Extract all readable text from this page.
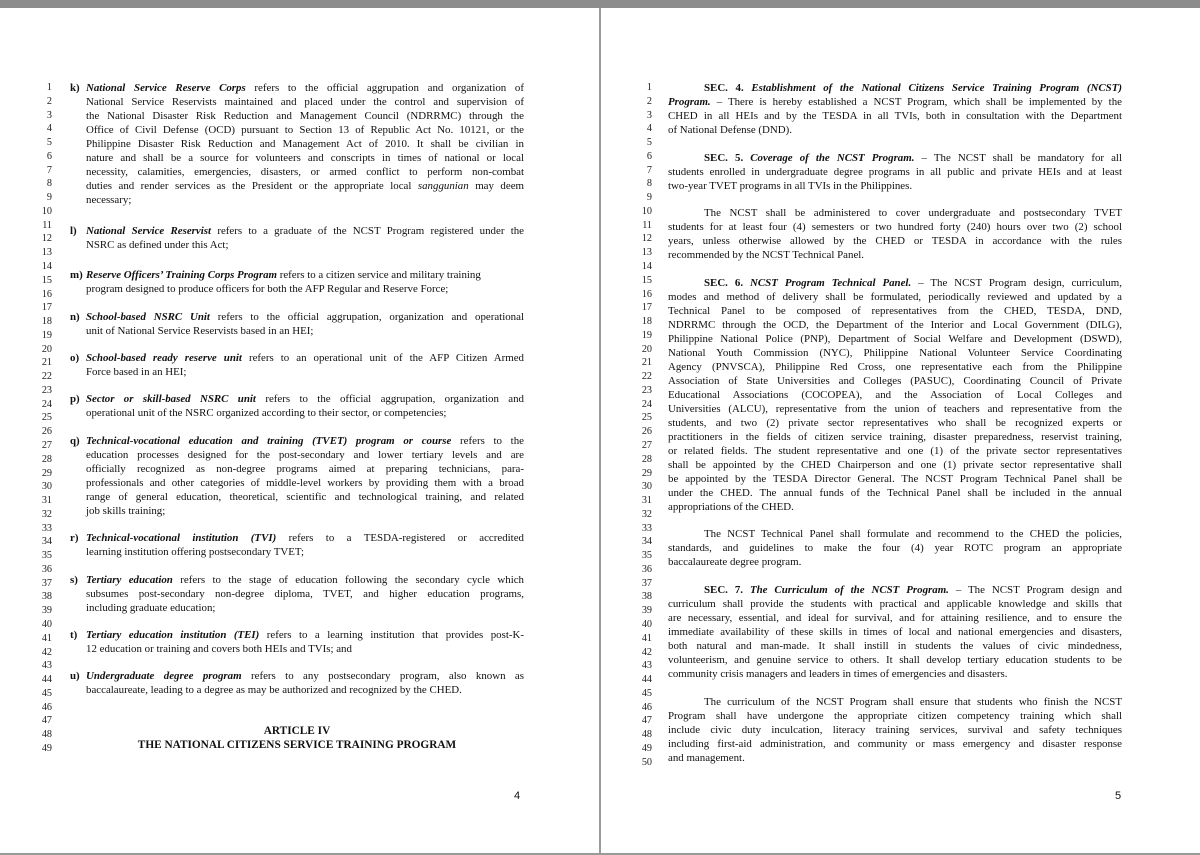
1
2
3
4
5
6
7
8
9
10
11
12
13
14
15
16
17
18
19
20
21
22
23
24
25
26
27
28
29
30
31
32
33
34
35
36
37
38
39
40
41
42
43
44
45
46
47
48
49
k) National Service Reserve Corps refers to the official aggrupation and organization of
National Service Reservists maintained and placed under the control and supervision of
the National Disaster Risk Reduction and Management Council (NDRRMC) through the
Office of Civil Defense (OCD) pursuant to Section 13 of Republic Act No. 10121, or the
Philippine Disaster Risk Reduction and Management Act of 2010. It shall be civilian in
nature and shall be a source for volunteers and conscripts in times of national or local
necessity, calamities, emergencies, disasters, or armed conflict to perform non-combat
duties and render services as the President or the appropriate local sanggunian may deem
necessary;
l) National Service Reservist refers to a graduate of the NCST Program registered under the
NSRC as defined under this Act;
m) Reserve Officers’ Training Corps Program refers to a citizen service and military training
program designed to produce officers for both the AFP Regular and Reserve Force;
n) School-based NSRC Unit refers to the official aggrupation, organization and operational
unit of National Service Reservists based in an HEI;
o) School-based ready reserve unit refers to an operational unit of the AFP Citizen Armed
Force based in an HEI;
p) Sector or skill-based NSRC unit refers to the official aggrupation, organization and
operational unit of the NSRC organized according to their sector, or competencies;
q) Technical-vocational education and training (TVET) program or course refers to the
education processes designed for the post-secondary and lower tertiary levels and are
officially recognized as non-degree programs aimed at preparing technicians, para-
professionals and other categories of middle-level workers by providing them with a broad
range of general education, theoretical, scientific and technological training, and related
job skills training;
r) Technical-vocational institution (TVI) refers to a TESDA-registered or accredited
learning institution offering postsecondary TVET;
s) Tertiary education refers to the stage of education following the secondary cycle which
subsumes post-secondary non-degree diploma, TVET, and higher education programs,
including graduate education;
t) Tertiary education institution (TEI) refers to a learning institution that provides post-K-
12 education or training and covers both HEIs and TVIs; and
u) Undergraduate degree program refers to any postsecondary program, also known as
baccalaureate, leading to a degree as may be authorized and recognized by the CHED.
ARTICLE IV
THE NATIONAL CITIZENS SERVICE TRAINING PROGRAM
4
1
2
3
4
5
6
7
8
9
10
11
12
13
14
15
16
17
18
19
20
21
22
23
24
25
26
27
28
29
30
31
32
33
34
35
36
37
38
39
40
41
42
43
44
45
46
47
48
49
50
SEC. 4. Establishment of the National Citizens Service Training Program (NCST)
Program. – There is hereby established a NCST Program, which shall be implemented by the
CHED in all HEIs and by the TESDA in all TVIs, both in consultation with the Department
of National Defense (DND).
SEC. 5. Coverage of the NCST Program. – The NCST shall be mandatory for all
students enrolled in undergraduate degree programs in all public and private HEIs and at least
two-year TVET programs in all TVIs in the Philippines.
The NCST shall be administered to cover undergraduate and postsecondary TVET
students for at least four (4) semesters or two hundred forty (240) hours over two (2) school
years, unless otherwise allowed by the CHED or TESDA in accordance with the rules
recommended by the NCST Technical Panel.
SEC. 6. NCST Program Technical Panel. – The NCST Program design, curriculum,
modes and method of delivery shall be formulated, periodically reviewed and updated by a
Technical Panel to be composed of representatives from the CHED, TESDA, DND,
NDRRMC through the OCD, the Department of the Interior and Local Government (DILG),
Philippine National Police (PNP), Department of Social Welfare and Development (DSWD),
National Youth Commission (NYC), Philippine National Volunteer Service Coordinating
Agency (PNVSCA), Philippine Red Cross, one representative each from the Philippine
Association of State Universities and Colleges (PASUC), Coordinating Council of Private
Educational Associations (COCOPEA), and the Association of Local Colleges and
Universities (ALCU), representative from the union of teachers and representative from the
students, and two (2) private sector representatives who shall be recognized experts or
practitioners in the fields of citizen service training, disaster preparedness, reservist training,
or related fields. The student representative and one (1) of the private sector representatives
shall be appointed by the CHED Chairperson and one (1) private sector representative shall
be appointed by the TESDA Director General. The NCST Program Technical Panel shall be
under the CHED. The annual funds of the Technical Panel shall be included in the annual
appropriations of the CHED.
The NCST Technical Panel shall formulate and recommend to the CHED the policies,
standards, and guidelines to make the four (4) year ROTC program an appropriate
baccalaureate degree program.
SEC. 7. The Curriculum of the NCST Program. – The NCST Program design and
curriculum shall provide the students with practical and applicable knowledge and skills that
are necessary, essential, and ideal for survival, and for attaining resilience, and to ensure the
immediate availability of these skills in times of local and national emergencies and disasters,
both natural and man-made. It shall instill in students the values of civic mindedness,
volunteerism, and genuine service to others. It shall develop tertiary education students to be
community crisis managers and leaders in times of emergencies and disasters.
The curriculum of the NCST Program shall ensure that students who finish the NCST
Program shall have undergone the appropriate citizen competency training which shall
include civic duty inculcation, literacy training services, survival and safety techniques
including first-aid administration, and community or mass emergency and disaster response
and management.
5
